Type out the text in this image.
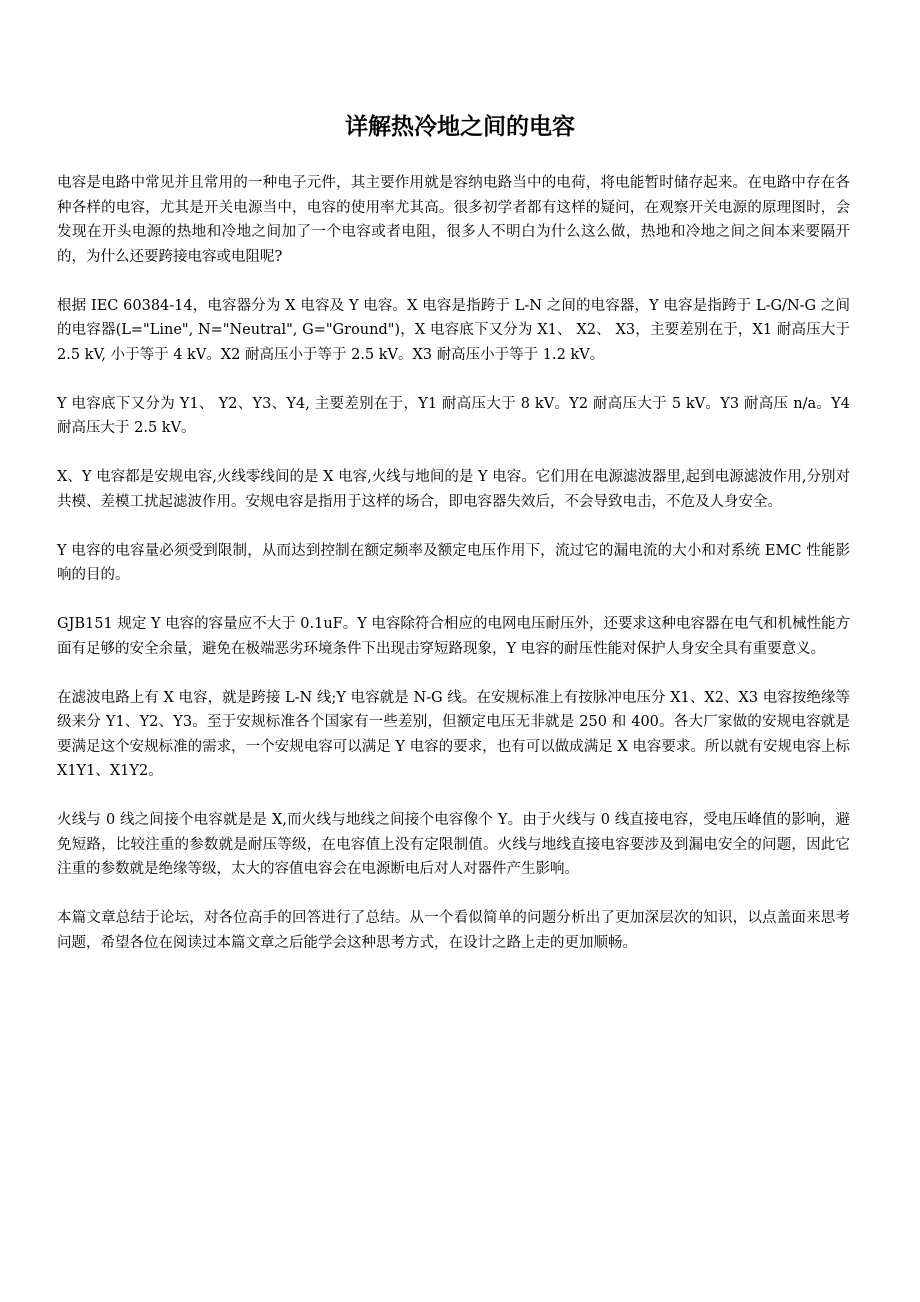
详解热冷地之间的电容

电容是电路中常见并且常用的一种电子元件，其主要作用就是容纳电路当中的电荷，将电能暂时储存起来。在电路中存在各种各样的电容，尤其是开关电源当中，电容的使用率尤其高。很多初学者都有这样的疑问，在观察开关电源的原理图时，会发现在开头电源的热地和冷地之间加了一个电容或者电阻，很多人不明白为什么这么做，热地和冷地之间之间本来要隔开的，为什么还要跨接电容或电阻呢?

根据 IEC 60384-14，电容器分为 X 电容及 Y 电容。X 电容是指跨于 L-N 之间的电容器，Y 电容是指跨于 L-G/N-G 之间的电容器(L="Line", N="Neutral", G="Ground")，X 电容底下又分为 X1、 X2、 X3，主要差别在于，X1 耐高压大于 2.5 kV, 小于等于 4 kV。X2 耐高压小于等于 2.5 kV。X3 耐高压小于等于 1.2 kV。

Y 电容底下又分为 Y1、 Y2、Y3、Y4, 主要差别在于，Y1 耐高压大于 8 kV。Y2 耐高压大于 5 kV。Y3 耐高压 n/a。Y4 耐高压大于 2.5 kV。

X、Y 电容都是安规电容,火线零线间的是 X 电容,火线与地间的是 Y 电容。它们用在电源滤波器里,起到电源滤波作用,分别对共模、差模工扰起滤波作用。安规电容是指用于这样的场合，即电容器失效后，不会导致电击，不危及人身安全。

Y 电容的电容量必须受到限制，从而达到控制在额定频率及额定电压作用下，流过它的漏电流的大小和对系统 EMC 性能影响的目的。

GJB151 规定 Y 电容的容量应不大于 0.1uF。Y 电容除符合相应的电网电压耐压外，还要求这种电容器在电气和机械性能方面有足够的安全余量，避免在极端恶劣环境条件下出现击穿短路现象，Y 电容的耐压性能对保护人身安全具有重要意义。

在滤波电路上有 X 电容，就是跨接 L-N 线;Y 电容就是 N-G 线。在安规标准上有按脉冲电压分 X1、X2、X3 电容按绝缘等级来分 Y1、Y2、Y3。至于安规标准各个国家有一些差别，但额定电压无非就是 250 和 400。各大厂家做的安规电容就是要满足这个安规标准的需求，一个安规电容可以满足 Y 电容的要求，也有可以做成满足 X 电容要求。所以就有安规电容上标 X1Y1、X1Y2。

火线与 0 线之间接个电容就是是 X,而火线与地线之间接个电容像个 Y。由于火线与 0 线直接电容，受电压峰值的影响，避免短路，比较注重的参数就是耐压等级，在电容值上没有定限制值。火线与地线直接电容要涉及到漏电安全的问题，因此它注重的参数就是绝缘等级，太大的容值电容会在电源断电后对人对器件产生影响。

本篇文章总结于论坛，对各位高手的回答进行了总结。从一个看似简单的问题分析出了更加深层次的知识，以点盖面来思考问题，希望各位在阅读过本篇文章之后能学会这种思考方式，在设计之路上走的更加顺畅。
